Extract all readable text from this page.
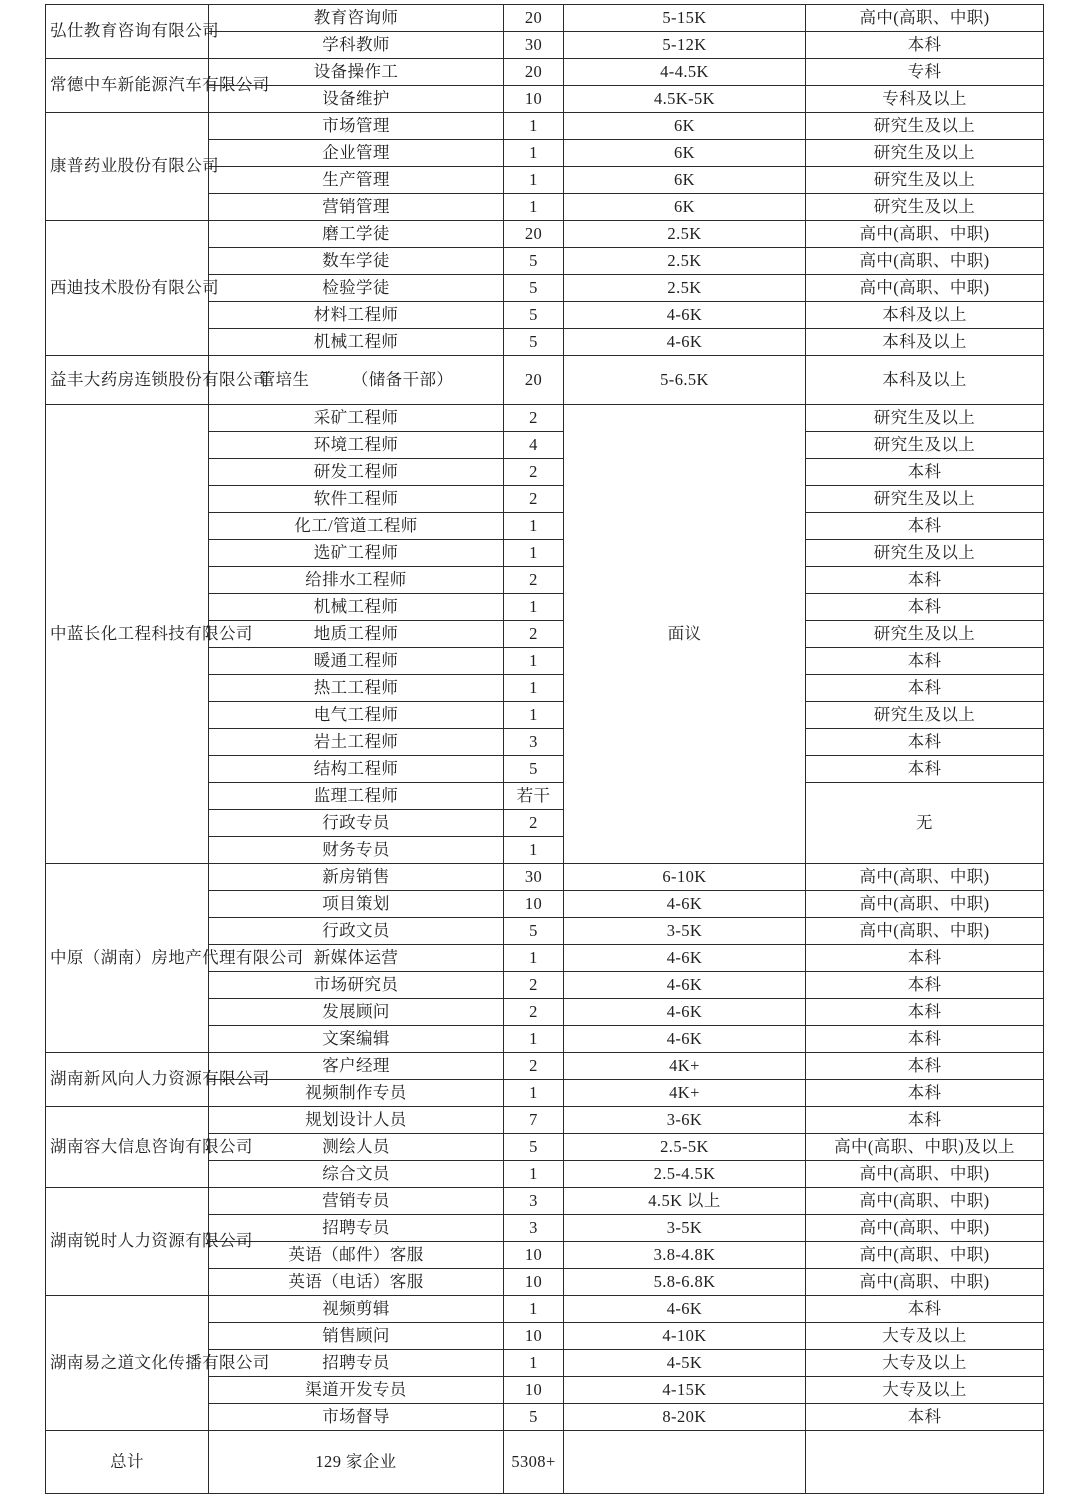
弘仕教育咨询有限公司	教育咨询师	20	5-15K	高中(高职、中职)
	学科教师	30	5-12K	本科
常德中车新能源汽车有限公司	设备操作工	20	4-4.5K	专科
	设备维护	10	4.5K-5K	专科及以上
康普药业股份有限公司	市场管理	1	6K	研究生及以上
	企业管理	1	6K	研究生及以上
	生产管理	1	6K	研究生及以上
	营销管理	1	6K	研究生及以上
西迪技术股份有限公司	磨工学徒	20	2.5K	高中(高职、中职)
	数车学徒	5	2.5K	高中(高职、中职)
	检验学徒	5	2.5K	高中(高职、中职)
	材料工程师	5	4-6K	本科及以上
	机械工程师	5	4-6K	本科及以上
益丰大药房连锁股份有限公司	管培生　　　（储备干部）	20	5-6.5K	本科及以上
中蓝长化工程科技有限公司	采矿工程师	2	面议	研究生及以上
	环境工程师	4		研究生及以上
	研发工程师	2		本科
	软件工程师	2		研究生及以上
	化工/管道工程师	1		本科
	选矿工程师	1		研究生及以上
	给排水工程师	2		本科
	机械工程师	1		本科
	地质工程师	2		研究生及以上
	暖通工程师	1		本科
	热工工程师	1		本科
	电气工程师	1		研究生及以上
	岩土工程师	3		本科
	结构工程师	5		本科
	监理工程师	若干		无
	行政专员	2		
	财务专员	1		
中原（湖南）房地产代理有限公司	新房销售	30	6-10K	高中(高职、中职)
	项目策划	10	4-6K	高中(高职、中职)
	行政文员	5	3-5K	高中(高职、中职)
	新媒体运营	1	4-6K	本科
	市场研究员	2	4-6K	本科
	发展顾问	2	4-6K	本科
	文案编辑	1	4-6K	本科
湖南新风向人力资源有限公司	客户经理	2	4K+	本科
	视频制作专员	1	4K+	本科
湖南容大信息咨询有限公司	规划设计人员	7	3-6K	本科
	测绘人员	5	2.5-5K	高中(高职、中职)及以上
	综合文员	1	2.5-4.5K	高中(高职、中职)
湖南锐时人力资源有限公司	营销专员	3	4.5K 以上	高中(高职、中职)
	招聘专员	3	3-5K	高中(高职、中职)
	英语（邮件）客服	10	3.8-4.8K	高中(高职、中职)
	英语（电话）客服	10	5.8-6.8K	高中(高职、中职)
湖南易之道文化传播有限公司	视频剪辑	1	4-6K	本科
	销售顾问	10	4-10K	大专及以上
	招聘专员	1	4-5K	大专及以上
	渠道开发专员	10	4-15K	大专及以上
	市场督导	5	8-20K	本科
总计	129 家企业	5308+		
